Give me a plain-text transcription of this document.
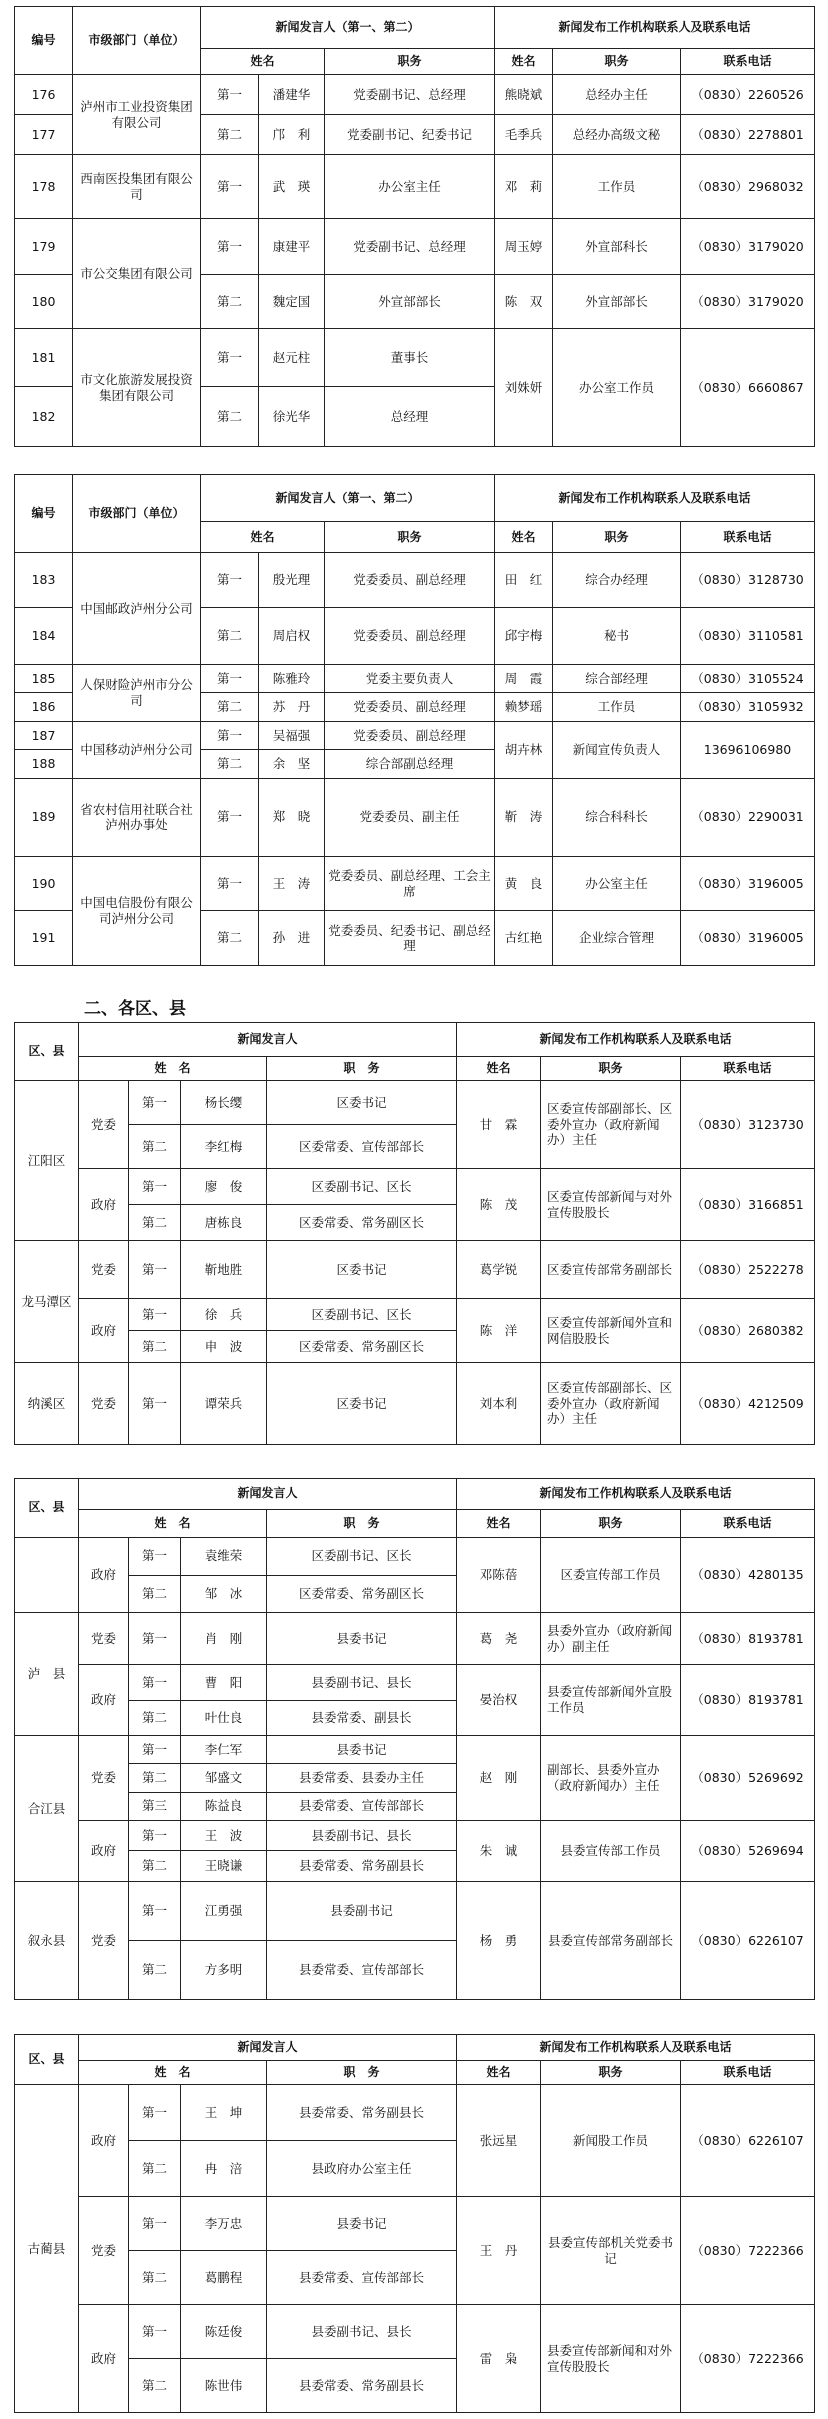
编号	市级部门（单位）	新闻发言人（第一、第二）			新闻发布工作机构联系人及联系电话		
		姓名		职务	姓名	职务	联系电话
176	泸州市工业投资集团有限公司	第一	潘建华	党委副书记、总经理	熊晓斌	总经办主任	（0830）2260526
177		第二	邝　利	党委副书记、纪委书记	毛季兵	总经办高级文秘	（0830）2278801
178	西南医投集团有限公司	第一	武　瑛	办公室主任	邓　莉	工作员	（0830）2968032
179	市公交集团有限公司	第一	康建平	党委副书记、总经理	周玉婷	外宣部科长	（0830）3179020
180		第二	魏定国	外宣部部长	陈　双	外宣部部长	（0830）3179020
181	市文化旅游发展投资集团有限公司	第一	赵元柱	董事长	刘姝妍	办公室工作员	（0830）6660867
182		第二	徐光华	总经理			
编号	市级部门（单位）	新闻发言人（第一、第二）			新闻发布工作机构联系人及联系电话		
		姓名		职务	姓名	职务	联系电话
183	中国邮政泸州分公司	第一	殷光理	党委委员、副总经理	田　红	综合办经理	（0830）3128730
184		第二	周启权	党委委员、副总经理	邱宇梅	秘书	（0830）3110581
185	人保财险泸州市分公司	第一	陈雅玲	党委主要负责人	周　霞	综合部经理	（0830）3105524
186		第二	苏　丹	党委委员、副总经理	赖梦瑶	工作员	（0830）3105932
187	中国移动泸州分公司	第一	吴福强	党委委员、副总经理	胡卉林	新闻宣传负责人	13696106980
188		第二	余　坚	综合部副总经理			
189	省农村信用社联合社泸州办事处	第一	郑　晓	党委委员、副主任	靳　涛	综合科科长	（0830）2290031
190	中国电信股份有限公司泸州分公司	第一	王　涛	党委委员、副总经理、工会主席	黄　良	办公室主任	（0830）3196005
191		第二	孙　进	党委委员、纪委书记、副总经理	古红艳	企业综合管理	（0830）3196005
二、各区、县
区、县	新闻发言人				新闻发布工作机构联系人及联系电话		
	姓　名			职　务	姓名	职务	联系电话
江阳区	党委	第一	杨长缨	区委书记	甘　霖	区委宣传部副部长、区委外宣办（政府新闻办）主任	（0830）3123730
		第二	李红梅	区委常委、宣传部部长			
	政府	第一	廖　俊	区委副书记、区长	陈　茂	区委宣传部新闻与对外宣传股股长	（0830）3166851
		第二	唐栋良	区委常委、常务副区长			
龙马潭区	党委	第一	靳地胜	区委书记	葛学锐	区委宣传部常务副部长	（0830）2522278
	政府	第一	徐　兵	区委副书记、区长	陈　洋	区委宣传部新闻外宣和网信股股长	（0830）2680382
		第二	申　波	区委常委、常务副区长			
纳溪区	党委	第一	谭荣兵	区委书记	刘本利	区委宣传部副部长、区委外宣办（政府新闻办）主任	（0830）4212509
区、县	新闻发言人				新闻发布工作机构联系人及联系电话		
	姓　名			职　务	姓名	职务	联系电话
	政府	第一	袁维荣	区委副书记、区长	邓陈蓓	区委宣传部工作员	（0830）4280135
		第二	邹　冰	区委常委、常务副区长			
泸　县	党委	第一	肖　刚	县委书记	葛　尧	县委外宣办（政府新闻办）副主任	（0830）8193781
	政府	第一	曹　阳	县委副书记、县长	晏治权	县委宣传部新闻外宣股工作员	（0830）8193781
		第二	叶仕良	县委常委、副县长			
合江县	党委	第一	李仁军	县委书记	赵　刚	副部长、县委外宣办（政府新闻办）主任	（0830）5269692
		第二	邹盛文	县委常委、县委办主任			
		第三	陈益良	县委常委、宣传部部长			
	政府	第一	王　波	县委副书记、县长	朱　诚	县委宣传部工作员	（0830）5269694
		第二	王晓谦	县委常委、常务副县长			
叙永县	党委	第一	江勇强	县委副书记	杨　勇	县委宣传部常务副部长	（0830）6226107
		第二	方多明	县委常委、宣传部部长			
区、县	新闻发言人				新闻发布工作机构联系人及联系电话		
	姓　名			职　务	姓名	职务	联系电话
古蔺县	政府	第一	王　坤	县委常委、常务副县长	张远星	新闻股工作员	（0830）6226107
		第二	冉　涪	县政府办公室主任			
	党委	第一	李万忠	县委书记	王　丹	县委宣传部机关党委书记	（0830）7222366
		第二	葛鹏程	县委常委、宣传部部长			
	政府	第一	陈廷俊	县委副书记、县长	雷　枭	县委宣传部新闻和对外宣传股股长	（0830）7222366
		第二	陈世伟	县委常委、常务副县长			
